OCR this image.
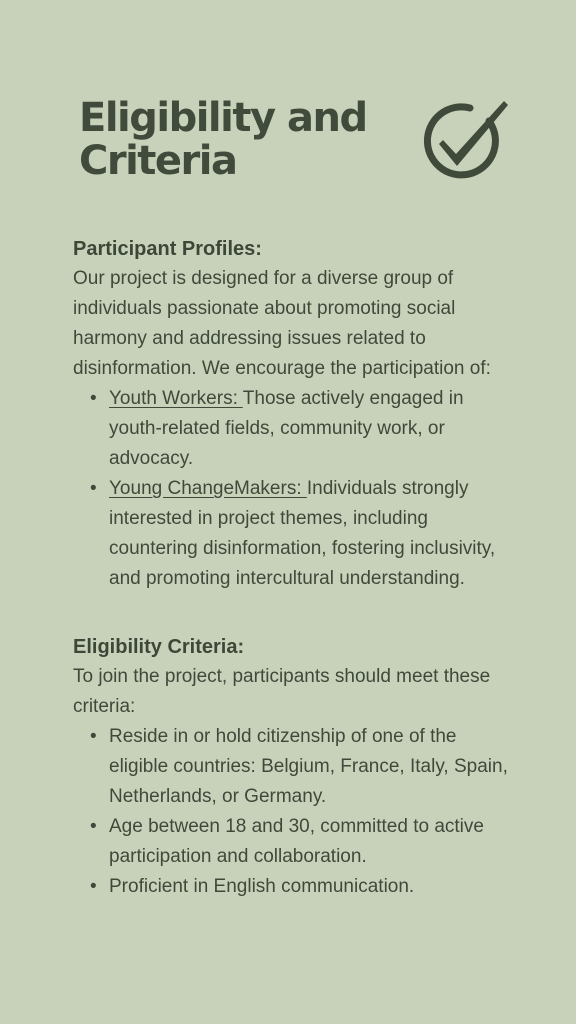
Eligibility and
Criteria
Participant Profiles:

Our project is designed for a diverse group of individuals passionate about promoting social harmony and addressing issues related to disinformation. We encourage the participation of:

• Youth Workers: Those actively engaged in youth-related fields, community work, or advocacy.
• Young ChangeMakers: Individuals strongly interested in project themes, including countering disinformation, fostering inclusivity, and promoting intercultural understanding.
Eligibility Criteria:

To join the project, participants should meet these criteria:

• Reside in or hold citizenship of one of the eligible countries: Belgium, France, Italy, Spain, Netherlands, or Germany.
• Age between 18 and 30, committed to active participation and collaboration.
• Proficient in English communication.
